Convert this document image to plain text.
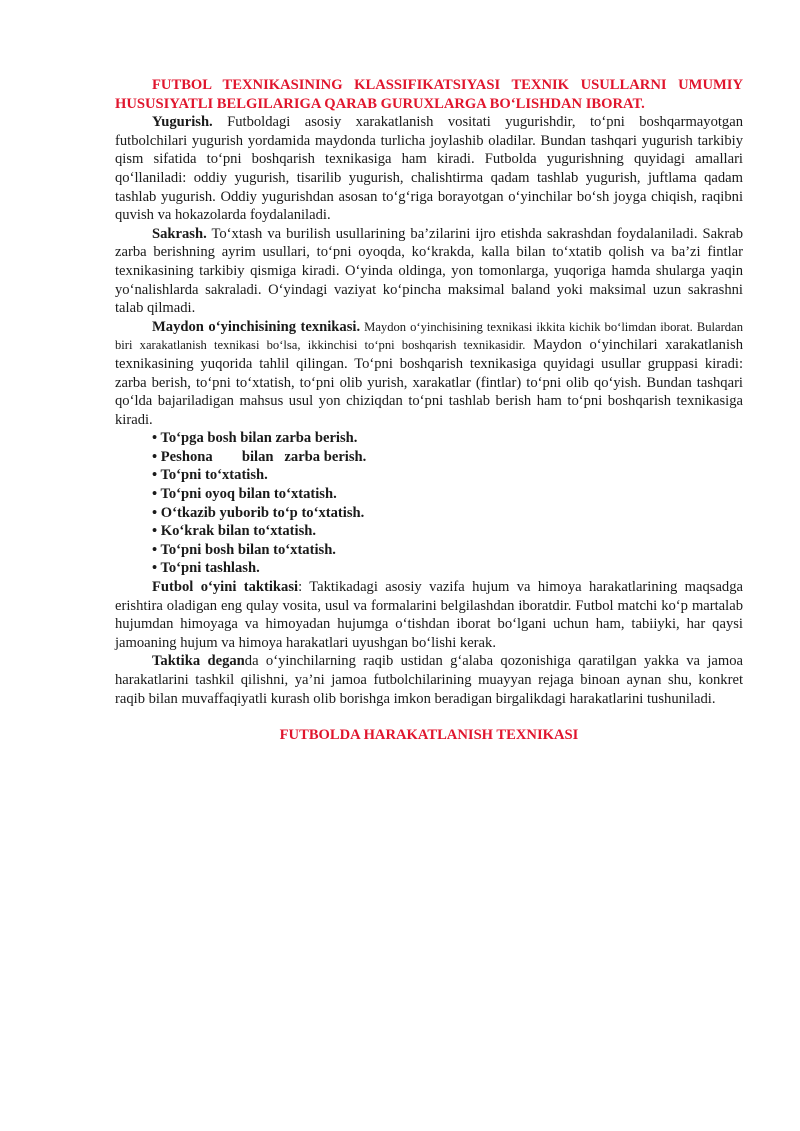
FUTBOL TEXNIKASINING KLASSIFIKATSIYASI TEXNIK USULLARNI UMUMIY HUSUSIYATLI BELGILARIGA QARAB GURUXLARGA BO‘LISHDAN IBORAT.

Yugurish. Futboldagi asosiy xarakatlanish vositati yugurishdir, to‘pni boshqarmayotgan futbolchilari yugurish yordamida maydonda turlicha joylashib oladilar. Bundan tashqari yugurish tarkibiy qism sifatida to‘pni boshqarish texnikasiga ham kiradi. Futbolda yugurishning quyidagi amallari qo‘llaniladi: oddiy yugurish, tisarilib yugurish, chalishtirma qadam tashlab yugurish, juftlama qadam tashlab yugurish. Oddiy yugurishdan asosan to‘g‘riga borayotgan o‘yinchilar bo‘sh joyga chiqish, raqibni quvish va hokazolarda foydalaniladi.

Sakrash. To‘xtash va burilish usullarining ba’zilarini ijro etishda sakrashdan foydalaniladi. Sakrab zarba berishning ayrim usullari, to‘pni oyoqda, ko‘krakda, kalla bilan to‘xtatib qolish va ba’zi fintlar texnikasining tarkibiy qismiga kiradi. O‘yinda oldinga, yon tomonlarga, yuqoriga hamda shularga yaqin yo‘nalishlarda sakraladi. O‘yindagi vaziyat ko‘pincha maksimal baland yoki maksimal uzun sakrashni talab qilmadi.

Maydon o‘yinchisining texnikasi. Maydon o‘yinchisining texnikasi ikkita kichik bo‘limdan iborat. Bulardan biri xarakatlanish texnikasi bo‘lsa, ikkinchisi to‘pni boshqarish texnikasidir. Maydon o‘yinchilari xarakatlanish texnikasining yuqorida tahlil qilingan. To‘pni boshqarish texnikasiga quyidagi usullar gruppasi kiradi: zarba berish, to‘pni to‘xtatish, to‘pni olib yurish, xarakatlar (fintlar) to‘pni olib qo‘yish. Bundan tashqari qo‘lda bajariladigan mahsus usul yon chiziqdan to‘pni tashlab berish ham to‘pni boshqarish texnikasiga kiradi.

• To‘pga bosh bilan zarba berish.
• Peshona        bilan   zarba berish.
• To‘pni to‘xtatish.
• To‘pni oyoq bilan to‘xtatish.
• O‘tkazib yuborib to‘p to‘xtatish.
• Ko‘krak bilan to‘xtatish.
• To‘pni bosh bilan to‘xtatish.
• To‘pni tashlash.

Futbol o‘yini taktikasi: Taktikadagi asosiy vazifa hujum va himoya harakatlarining maqsadga erishtira oladigan eng qulay vosita, usul va formalarini belgilashdan iboratdir. Futbol matchi ko‘p martalab hujumdan himoyaga va himoyadan hujumga o‘tishdan iborat bo‘lgani uchun ham, tabiiyki, har qaysi jamoaning hujum va himoya harakatlari uyushgan bo‘lishi kerak.

Taktika deganda o‘yinchilarning raqib ustidan g‘alaba qozonishiga qaratilgan yakka va jamoa harakatlarini tashkil qilishni, ya’ni jamoa futbolchilarining muayyan rejaga binoan aynan shu, konkret raqib bilan muvaffaqiyatli kurash olib borishga imkon beradigan birgalikdagi harakatlarini tushuniladi.

FUTBOLDA HARAKATLANISH TEXNIKASI
